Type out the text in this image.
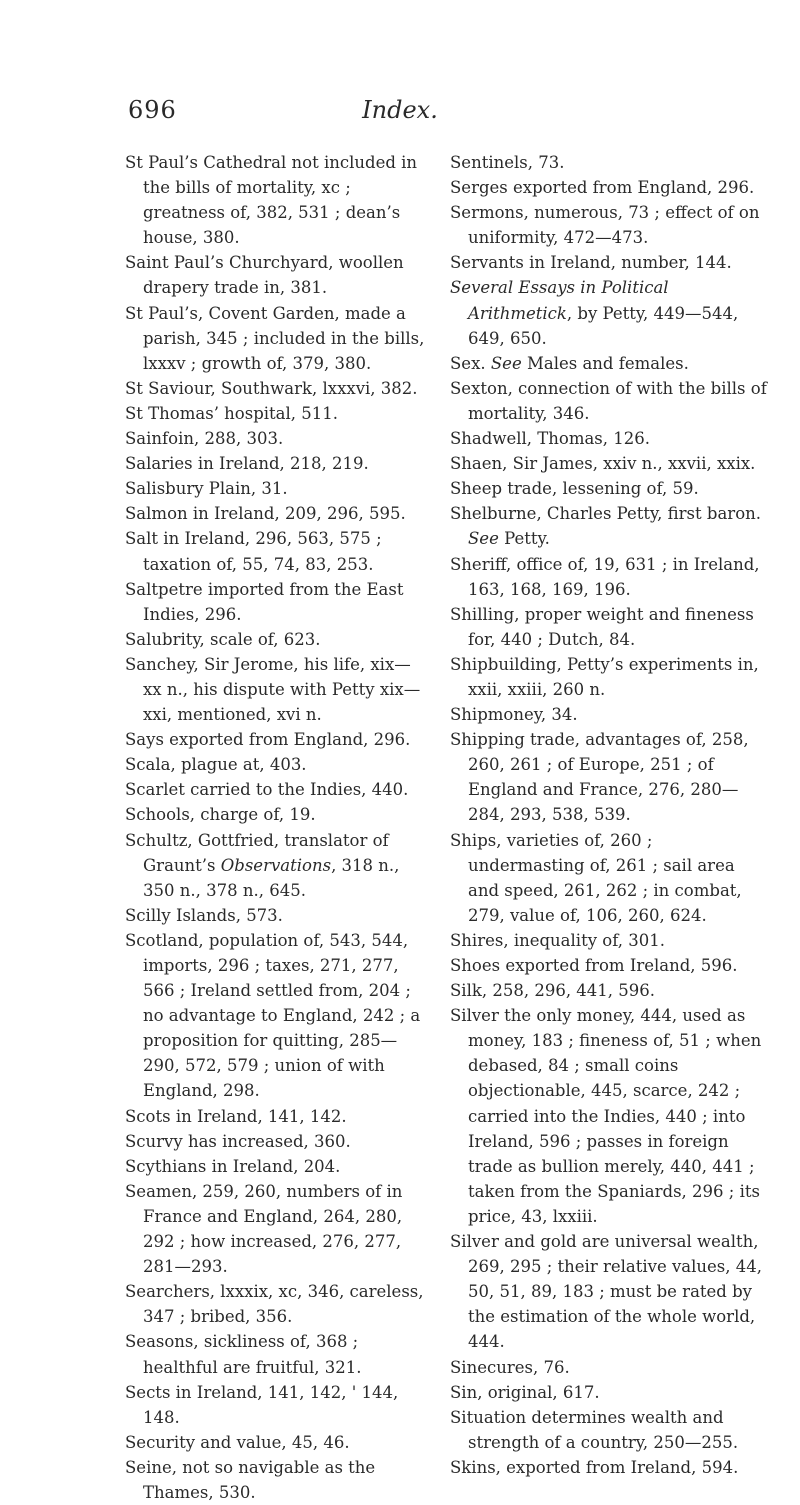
696	Index.

St Paul’s Cathedral not included in the bills of mortality, xc ; greatness of, 382, 531 ; dean’s house, 380.

Saint Paul’s Churchyard, woollen drapery trade in, 381.

St Paul’s, Covent Garden, made a parish, 345 ; included in the bills, lxxxv ; growth of, 379, 380.

St Saviour, Southwark, lxxxvi, 382.

St Thomas’ hospital, 511.

Sainfoin, 288, 303.

Salaries in Ireland, 218, 219.

Salisbury Plain, 31.

Salmon in Ireland, 209, 296, 595.

Salt in Ireland, 296, 563, 575 ; taxation of, 55, 74, 83, 253.

Saltpetre imported from the East Indies, 296.

Salubrity, scale of, 623.

Sanchey, Sir Jerome, his life, xix—xx n., his dispute with Petty xix—xxi, mentioned, xvi n.

Says exported from England, 296.

Scala, plague at, 403.

Scarlet carried to the Indies, 440.

Schools, charge of, 19.

Schultz, Gottfried, translator of Graunt’s Observations, 318 n., 350 n., 378 n., 645.

Scilly Islands, 573.

Scotland, population of, 543, 544, imports, 296 ; taxes, 271, 277, 566 ; Ireland settled from, 204 ; no advantage to England, 242 ; a proposition for quitting, 285—290, 572, 579 ; union of with England, 298.

Scots in Ireland, 141, 142.

Scurvy has increased, 360.

Scythians in Ireland, 204.

Seamen, 259, 260, numbers of in France and England, 264, 280, 292 ; how increased, 276, 277, 281—293.

Searchers, lxxxix, xc, 346, careless, 347 ; bribed, 356.

Seasons, sickliness of, 368 ; healthful are fruitful, 321.

Sects in Ireland, 141, 142, ' 144, 148.

Security and value, 45, 46.

Seine, not so navigable as the Thames, 530.

Sentinels, 73.

Serges exported from England, 296.

Sermons, numerous, 73 ; effect of on uniformity, 472—473.

Servants in Ireland, number, 144.

Several Essays in Political Arithmetick, by Petty, 449—544, 649, 650.

Sex. See Males and females.

Sexton, connection of with the bills of mortality, 346.

Shadwell, Thomas, 126.

Shaen, Sir James, xxiv n., xxvii, xxix.

Sheep trade, lessening of, 59.

Shelburne, Charles Petty, first baron. See Petty.

Sheriff, office of, 19, 631 ; in Ireland, 163, 168, 169, 196.

Shilling, proper weight and fineness for, 440 ; Dutch, 84.

Shipbuilding, Petty’s experiments in, xxii, xxiii, 260 n.

Shipmoney, 34.

Shipping trade, advantages of, 258, 260, 261 ; of Europe, 251 ; of England and France, 276, 280—284, 293, 538, 539.

Ships, varieties of, 260 ; undermasting of, 261 ; sail area and speed, 261, 262 ; in combat, 279, value of, 106, 260, 624.

Shires, inequality of, 301.

Shoes exported from Ireland, 596.

Silk, 258, 296, 441, 596.

Silver the only money, 444, used as money, 183 ; fineness of, 51 ; when debased, 84 ; small coins objectionable, 445, scarce, 242 ; carried into the Indies, 440 ; into Ireland, 596 ; passes in foreign trade as bullion merely, 440, 441 ; taken from the Spaniards, 296 ; its price, 43, lxxiii.

Silver and gold are universal wealth, 269, 295 ; their relative values, 44, 50, 51, 89, 183 ; must be rated by the estimation of the whole world, 444.

Sinecures, 76.

Sin, original, 617.

Situation determines wealth and strength of a country, 250—255.

Skins, exported from Ireland, 594.
